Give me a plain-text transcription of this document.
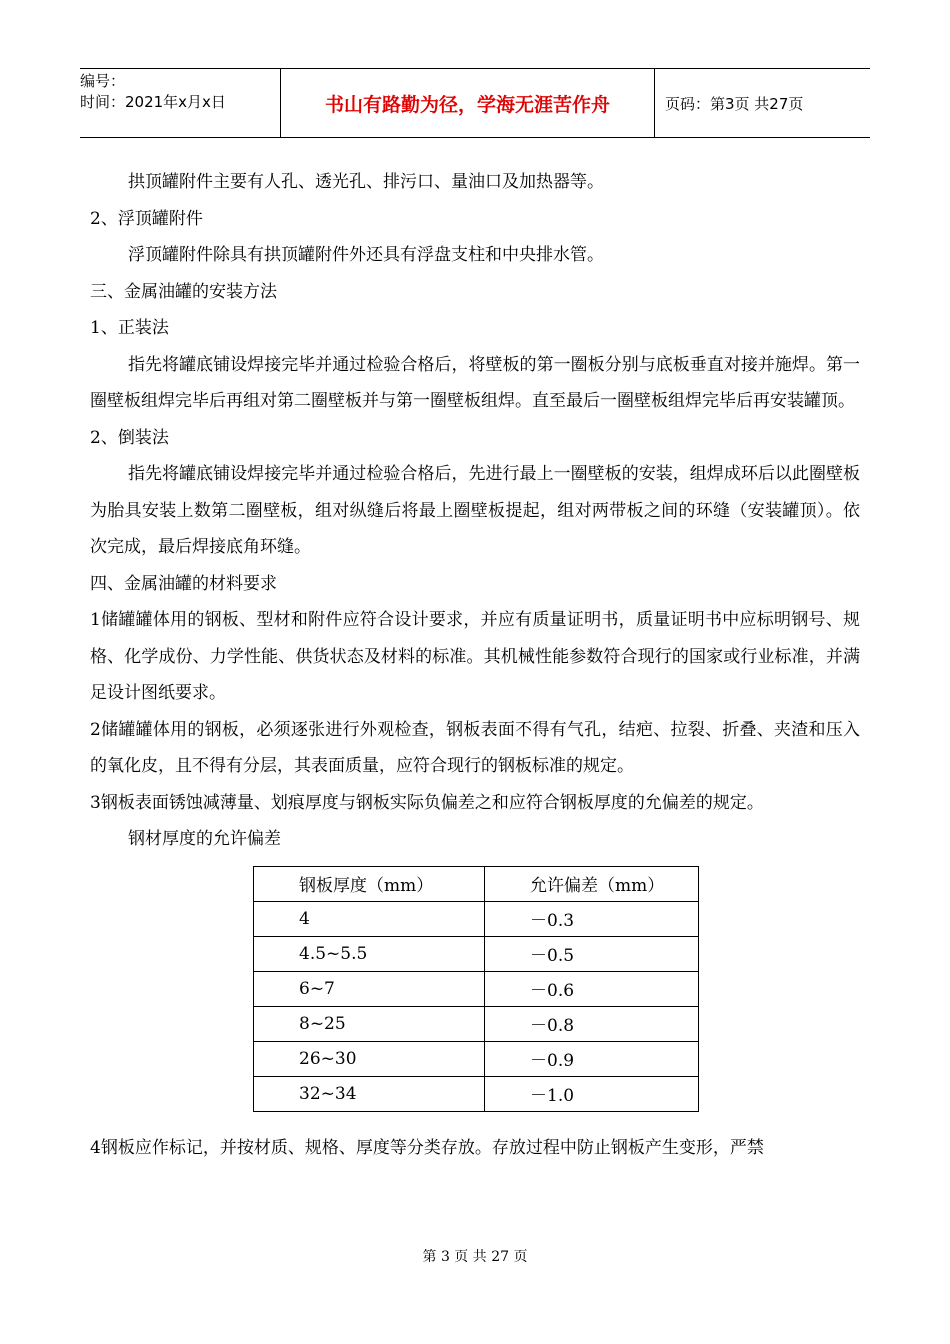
编号：
时间：2021年x月x日	书山有路勤为径，学海无涯苦作舟	页码：第3页 共27页

拱顶罐附件主要有人孔、透光孔、排污口、量油口及加热器等。

2、浮顶罐附件

浮顶罐附件除具有拱顶罐附件外还具有浮盘支柱和中央排水管。

三、金属油罐的安装方法

1、正装法

指先将罐底铺设焊接完毕并通过检验合格后，将壁板的第一圈板分别与底板垂直对接并施焊。第一圈壁板组焊完毕后再组对第二圈壁板并与第一圈壁板组焊。直至最后一圈壁板组焊完毕后再安装罐顶。

2、倒装法

指先将罐底铺设焊接完毕并通过检验合格后，先进行最上一圈壁板的安装，组焊成环后以此圈壁板为胎具安装上数第二圈壁板，组对纵缝后将最上圈壁板提起，组对两带板之间的环缝（安装罐顶）。依次完成，最后焊接底角环缝。

四、金属油罐的材料要求

1储罐罐体用的钢板、型材和附件应符合设计要求，并应有质量证明书，质量证明书中应标明钢号、规格、化学成份、力学性能、供货状态及材料的标准。其机械性能参数符合现行的国家或行业标准，并满足设计图纸要求。

2储罐罐体用的钢板，必须逐张进行外观检查，钢板表面不得有气孔，结疤、拉裂、折叠、夹渣和压入的氧化皮，且不得有分层，其表面质量，应符合现行的钢板标准的规定。

3钢板表面锈蚀减薄量、划痕厚度与钢板实际负偏差之和应符合钢板厚度的允偏差的规定。

钢材厚度的允许偏差

钢板厚度（mm）	允许偏差（mm）
4	－0.3
4.5~5.5	－0.5
6~7	－0.6
8~25	－0.8
26~30	－0.9
32~34	－1.0

4钢板应作标记，并按材质、规格、厚度等分类存放。存放过程中防止钢板产生变形，严禁

第 3 页 共 27 页
